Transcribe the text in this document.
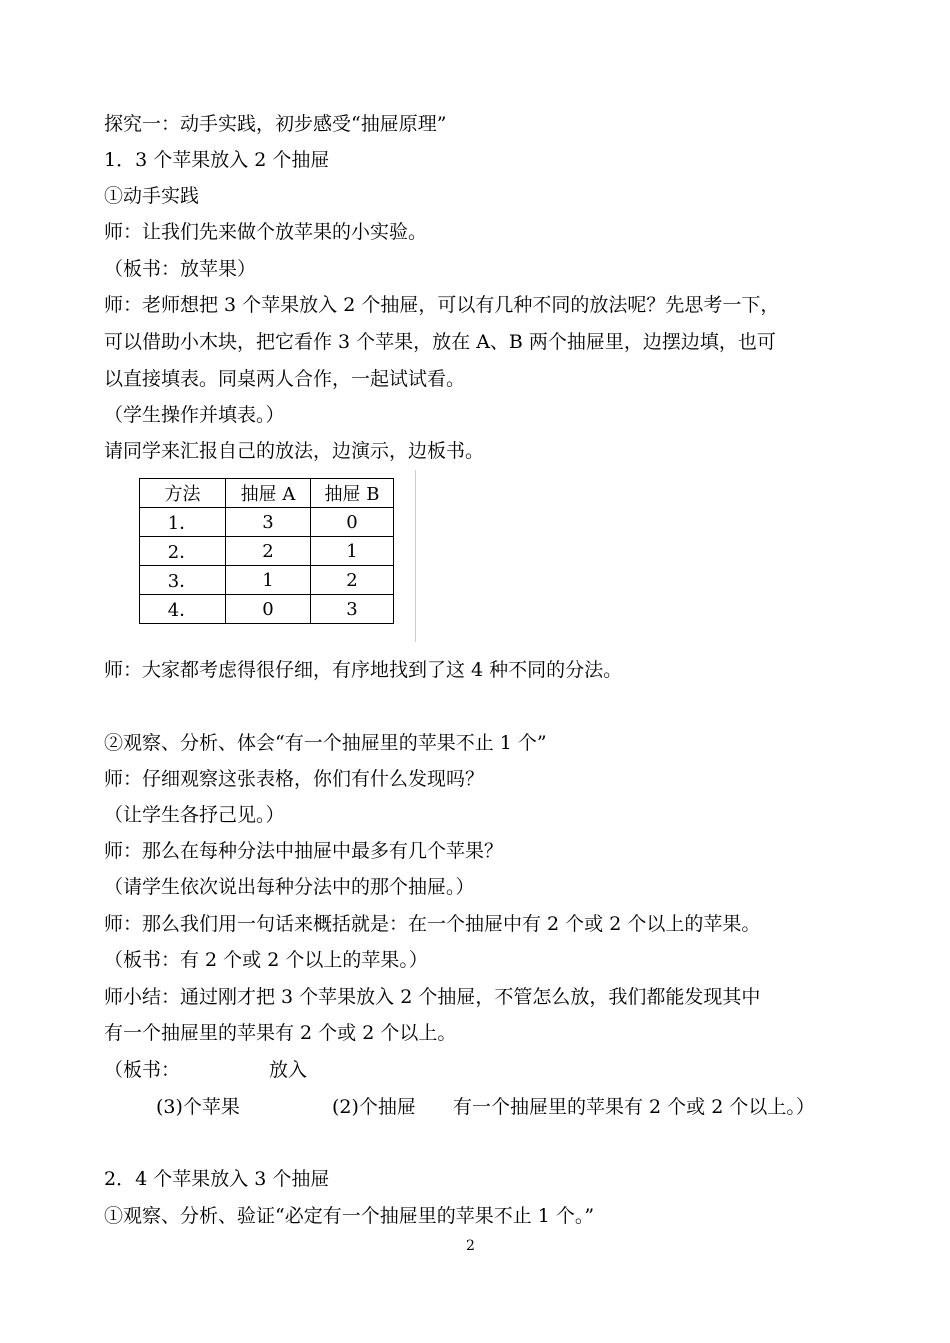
探究一：动手实践，初步感受“抽屉原理”
1．3 个苹果放入 2 个抽屉
①动手实践
师：让我们先来做个放苹果的小实验。
（板书：放苹果）
师：老师想把 3 个苹果放入 2 个抽屉，可以有几种不同的放法呢？先思考一下，
可以借助小木块，把它看作 3 个苹果，放在 A、B 两个抽屉里，边摆边填，也可
以直接填表。同桌两人合作，一起试试看。
（学生操作并填表。）
请同学来汇报自己的放法，边演示，边板书。
方法	抽屉 A	抽屉 B
1．	3	0
2．	2	1
3．	1	2
4．	0	3
师：大家都考虑得很仔细，有序地找到了这 4 种不同的分法。
②观察、分析、体会“有一个抽屉里的苹果不止 1 个”
师：仔细观察这张表格，你们有什么发现吗？
（让学生各抒己见。）
师：那么在每种分法中抽屉中最多有几个苹果？
（请学生依次说出每种分法中的那个抽屉。）
师：那么我们用一句话来概括就是：在一个抽屉中有 2 个或 2 个以上的苹果。
（板书：有 2 个或 2 个以上的苹果。）
师小结：通过刚才把 3 个苹果放入 2 个抽屉，不管怎么放，我们都能发现其中
有一个抽屉里的苹果有 2 个或 2 个以上。
（板书：	放入
(3)个苹果	(2)个抽屉 有一个抽屉里的苹果有 2 个或 2 个以上。）
2．4 个苹果放入 3 个抽屉
①观察、分析、验证“必定有一个抽屉里的苹果不止 1 个。”
2
